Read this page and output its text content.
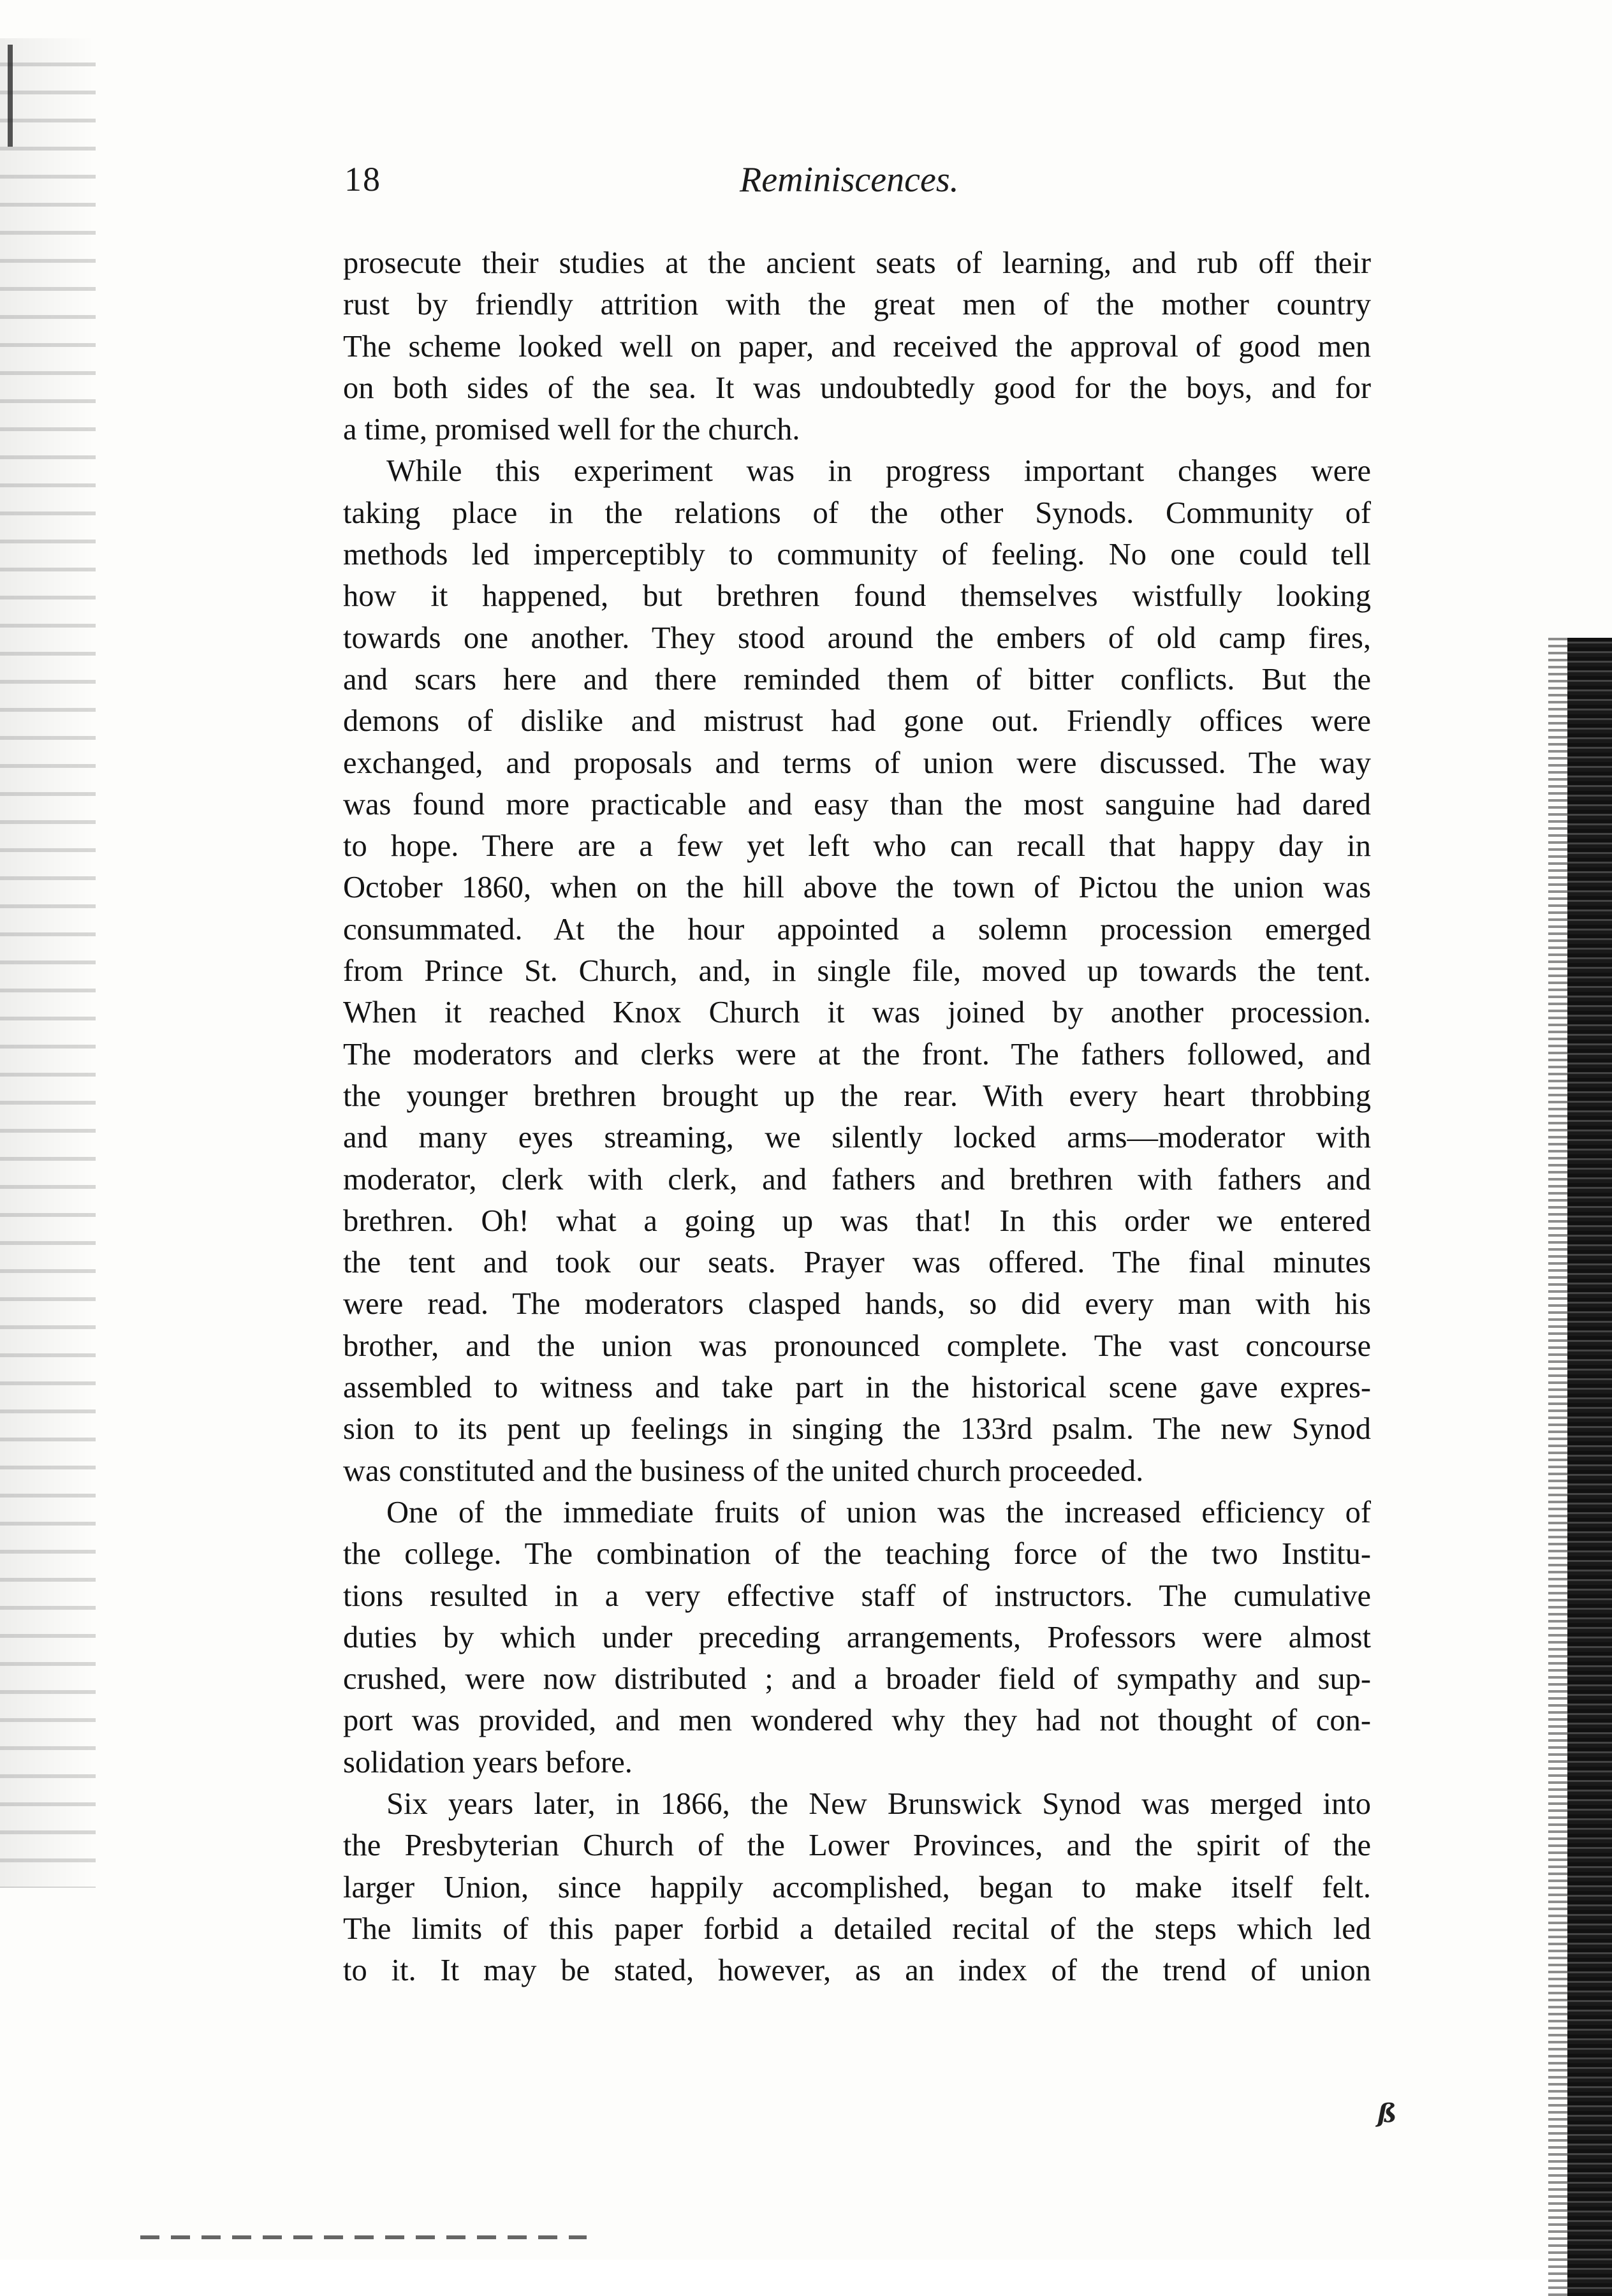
ß
18	Reminiscences.
prosecute their studies at the ancient seats of learning, and rub off their
rust by friendly attrition with the great men of the mother country
The scheme looked well on paper, and received the approval of good men
on both sides of the sea. It was undoubtedly good for the boys, and for
a time, promised well for the church.
While this experiment was in progress important changes were
taking place in the relations of the other Synods. Community of
methods led imperceptibly to community of feeling. No one could tell
how it happened, but brethren found themselves wistfully looking
towards one another. They stood around the embers of old camp fires,
and scars here and there reminded them of bitter conflicts. But the
demons of dislike and mistrust had gone out. Friendly offices were
exchanged, and proposals and terms of union were discussed. The way
was found more practicable and easy than the most sanguine had dared
to hope. There are a few yet left who can recall that happy day in
October 1860, when on the hill above the town of Pictou the union was
consummated. At the hour appointed a solemn procession emerged
from Prince St. Church, and, in single file, moved up towards the tent.
When it reached Knox Church it was joined by another procession.
The moderators and clerks were at the front. The fathers followed, and
the younger brethren brought up the rear. With every heart throbbing
and many eyes streaming, we silently locked arms—moderator with
moderator, clerk with clerk, and fathers and brethren with fathers and
brethren. Oh! what a going up was that! In this order we entered
the tent and took our seats. Prayer was offered. The final minutes
were read. The moderators clasped hands, so did every man with his
brother, and the union was pronounced complete. The vast concourse
assembled to witness and take part in the historical scene gave expres-
sion to its pent up feelings in singing the 133rd psalm. The new Synod
was constituted and the business of the united church proceeded.
One of the immediate fruits of union was the increased efficiency of
the college. The combination of the teaching force of the two Institu-
tions resulted in a very effective staff of instructors. The cumulative
duties by which under preceding arrangements, Professors were almost
crushed, were now distributed ; and a broader field of sympathy and sup-
port was provided, and men wondered why they had not thought of con-
solidation years before.
Six years later, in 1866, the New Brunswick Synod was merged into
the Presbyterian Church of the Lower Provinces, and the spirit of the
larger Union, since happily accomplished, began to make itself felt.
The limits of this paper forbid a detailed recital of the steps which led
to it. It may be stated, however, as an index of the trend of union
